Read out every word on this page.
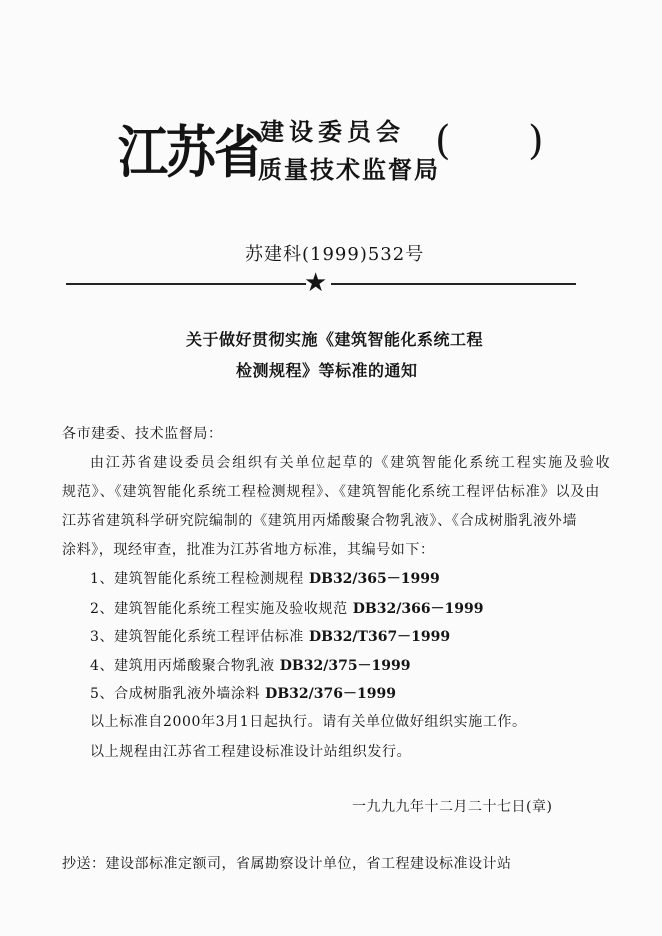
江苏省
建设委员会
质量技术监督局
( )
苏建科(1999)532号
★
关于做好贯彻实施《建筑智能化系统工程
检测规程》等标准的通知
各市建委、技术监督局：
由江苏省建设委员会组织有关单位起草的《建筑智能化系统工程实施及验收
规范》、《建筑智能化系统工程检测规程》、《建筑智能化系统工程评估标准》以及由
江苏省建筑科学研究院编制的《建筑用丙烯酸聚合物乳液》、《合成树脂乳液外墙
涂料》，现经审查，批准为江苏省地方标准，其编号如下：
1、建筑智能化系统工程检测规程 DB32/365－1999
2、建筑智能化系统工程实施及验收规范 DB32/366－1999
3、建筑智能化系统工程评估标准 DB32/T367－1999
4、建筑用丙烯酸聚合物乳液 DB32/375－1999
5、合成树脂乳液外墙涂料 DB32/376－1999
以上标准自2000年3月1日起执行。请有关单位做好组织实施工作。
以上规程由江苏省工程建设标准设计站组织发行。
一九九九年十二月二十七日(章)
抄送：建设部标准定额司，省属勘察设计单位，省工程建设标准设计站
